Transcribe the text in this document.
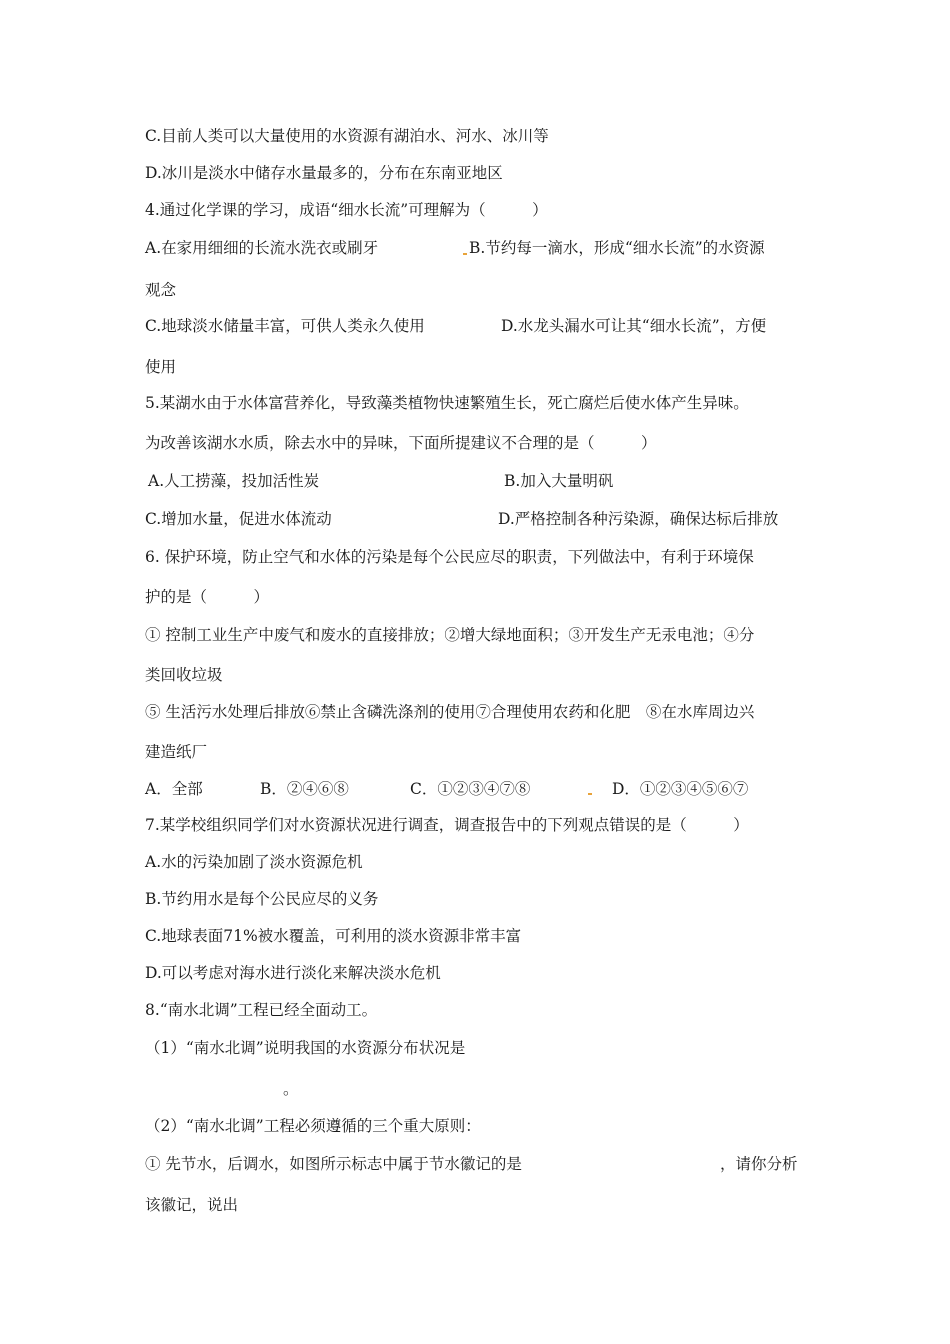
C.目前人类可以大量使用的水资源有湖泊水、河水、冰川等
D.冰川是淡水中储存水量最多的，分布在东南亚地区
4.通过化学课的学习，成语“细水长流”可理解为（　　　）
A.在家用细细的长流水洗衣或刷牙	B.节约每一滴水，形成“细水长流”的水资源
观念
C.地球淡水储量丰富，可供人类永久使用	D.水龙头漏水可让其“细水长流”，方便
使用
5.某湖水由于水体富营养化，导致藻类植物快速繁殖生长，死亡腐烂后使水体产生异味。
为改善该湖水水质，除去水中的异味，下面所提建议不合理的是（　　　）
A.人工捞藻，投加活性炭	B.加入大量明矾
C.增加水量，促进水体流动	D.严格控制各种污染源，确保达标后排放
6. 保护环境，防止空气和水体的污染是每个公民应尽的职责，下列做法中，有利于环境保
护的是（　　　）
① 控制工业生产中废气和废水的直接排放；②增大绿地面积；③开发生产无汞电池；④分
类回收垃圾
⑤ 生活污水处理后排放⑥禁止含磷洗涤剂的使用⑦合理使用农药和化肥　⑧在水库周边兴
建造纸厂
A．全部	B．②④⑥⑧	C．①②③④⑦⑧	D．①②③④⑤⑥⑦
7.某学校组织同学们对水资源状况进行调查，调查报告中的下列观点错误的是（　　　）
A.水的污染加剧了淡水资源危机
B.节约用水是每个公民应尽的义务
C.地球表面71%被水覆盖，可利用的淡水资源非常丰富
D.可以考虑对海水进行淡化来解决淡水危机
8.“南水北调”工程已经全面动工。
（1）“南水北调”说明我国的水资源分布状况是
。
（2）“南水北调”工程必须遵循的三个重大原则：
① 先节水，后调水，如图所示标志中属于节水徽记的是	，请你分析
该徽记，说出
